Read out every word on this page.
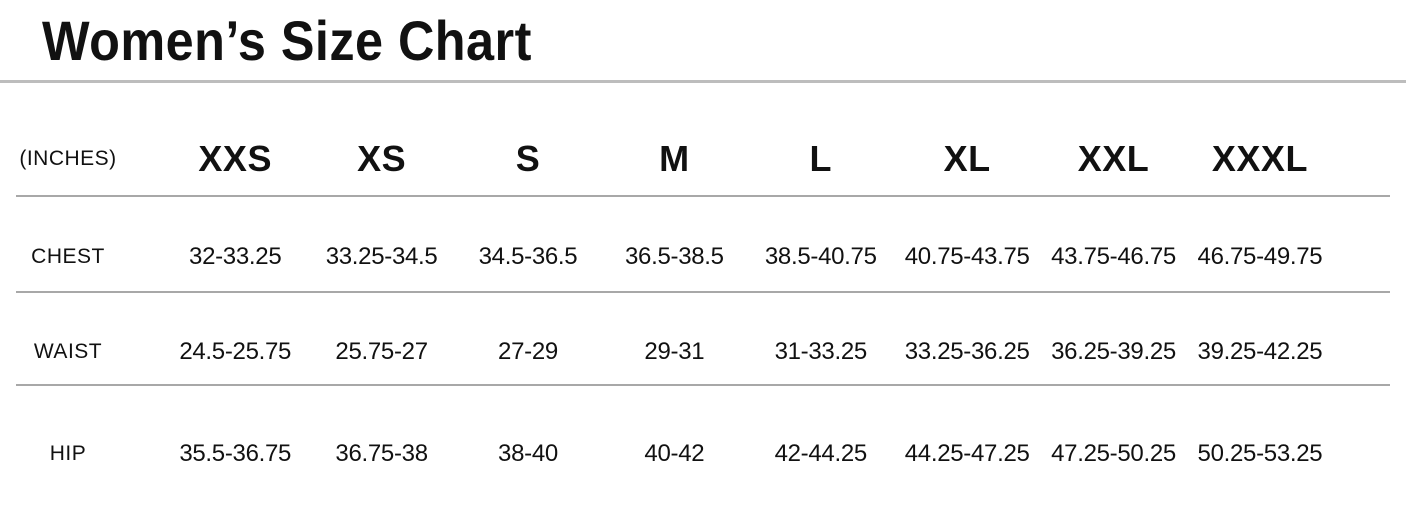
Women’s Size Chart
(INCHES)	XXS	XS	S	M	L	XL	XXL	XXXL
CHEST	32-33.25	33.25-34.5	34.5-36.5	36.5-38.5	38.5-40.75	40.75-43.75 43.75-46.75 46.75-49.75
WAIST	24.5-25.75	25.75-27	27-29	29-31	31-33.25	33.25-36.25 36.25-39.25 39.25-42.25
HIP	35.5-36.75	36.75-38	38-40	40-42	42-44.25	44.25-47.25 47.25-50.25 50.25-53.25
